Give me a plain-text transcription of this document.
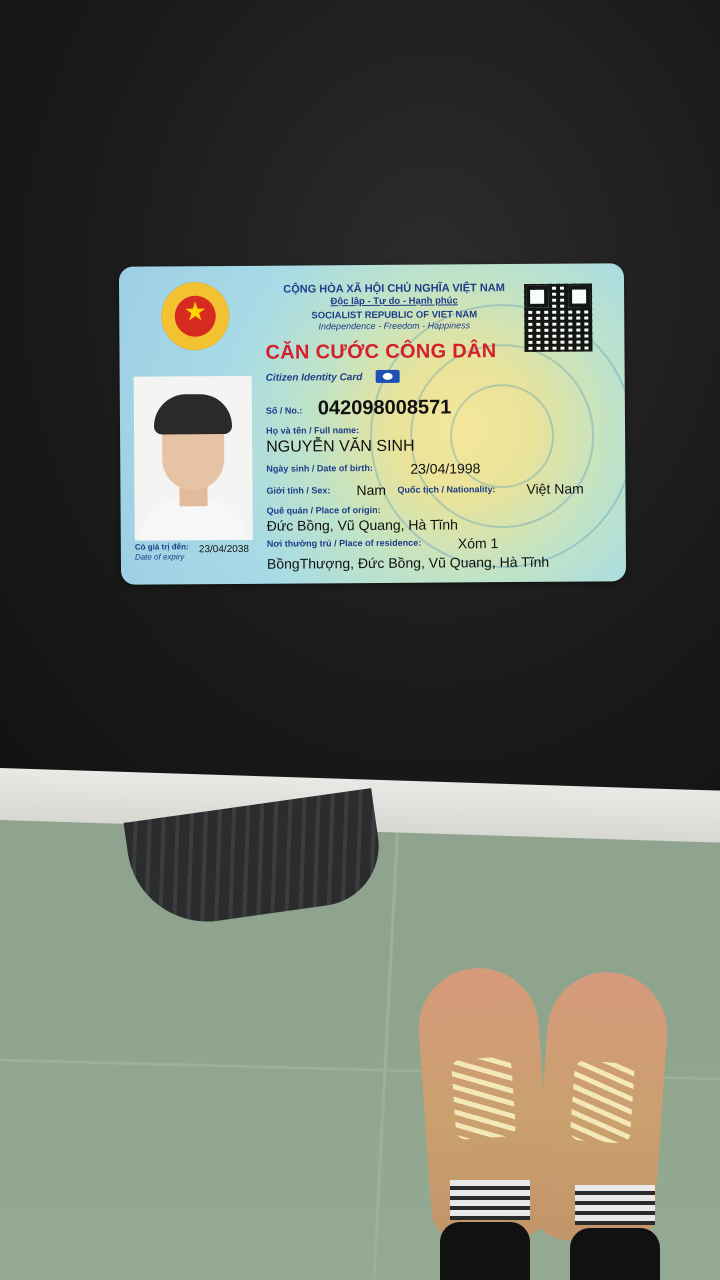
★
CỘNG HÒA XÃ HỘI CHỦ NGHĨA VIỆT NAM
Độc lập - Tự do - Hạnh phúc
SOCIALIST REPUBLIC OF VIET NAM
Independence - Freedom - Happiness
CĂN CƯỚC CÔNG DÂN
Citizen Identity Card
Số / No.: 042098008571
Họ và tên / Full name:
NGUYỄN VĂN SINH
Ngày sinh / Date of birth:	23/04/1998
Giới tính / Sex: Nam Quốc tịch / Nationality: Việt Nam
Quê quán / Place of origin:
Đức Bồng, Vũ Quang, Hà Tĩnh
Nơi thường trú / Place of residence:	Xóm 1
BồngThượng, Đức Bồng, Vũ Quang, Hà Tĩnh
Có giá trị đến:
Date of expiry
23/04/2038
